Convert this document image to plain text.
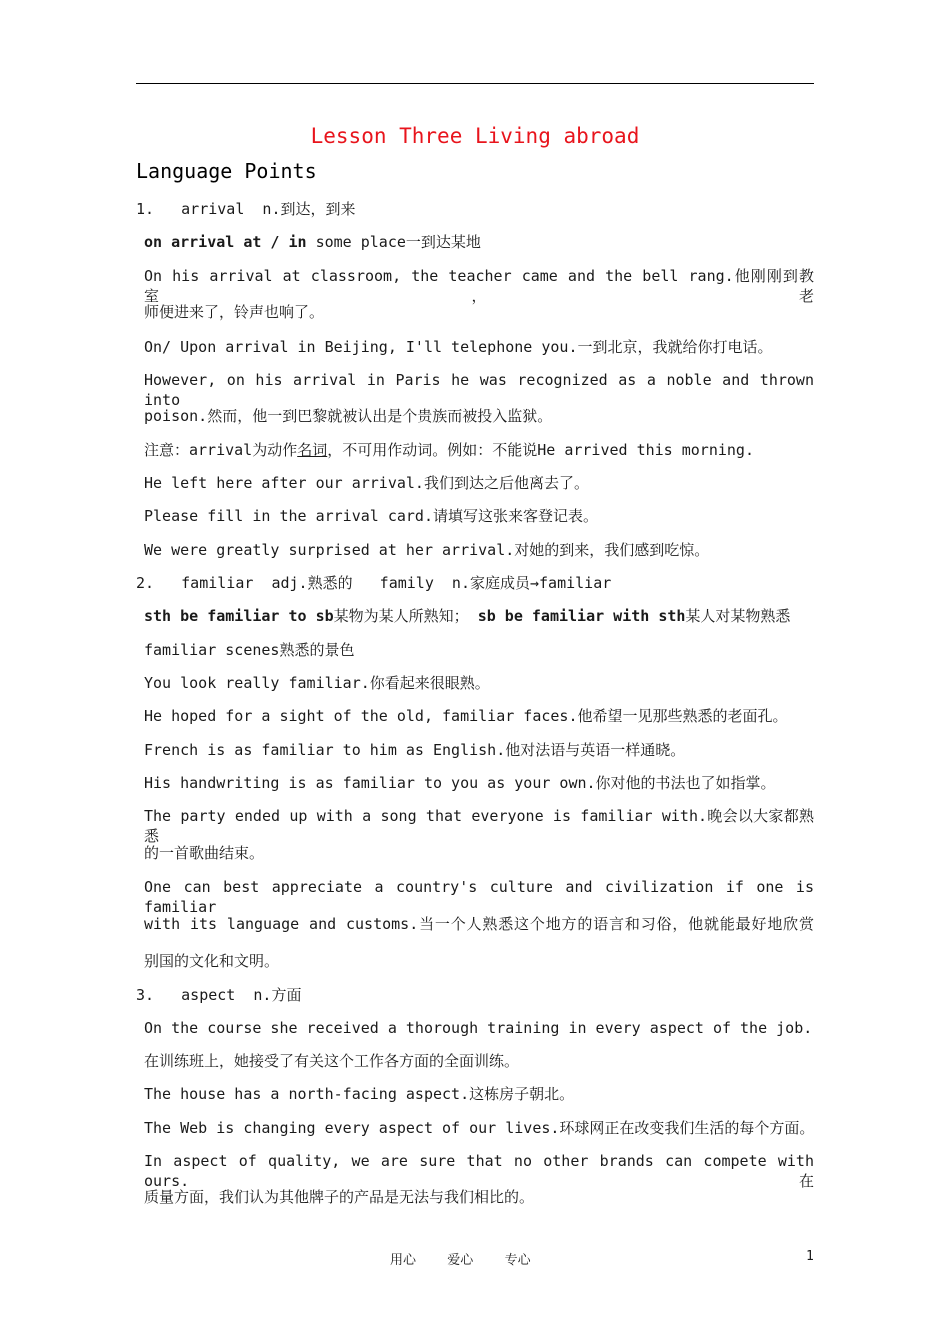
Lesson Three Living abroad
Language Points
1.   arrival  n.到达，到来
on arrival at / in some place一到达某地
On his arrival at classroom, the teacher came and the bell rang.他刚刚到教室，老
师便进来了，铃声也响了。
On/ Upon arrival in Beijing, I'll telephone you.一到北京，我就给你打电话。
However, on his arrival in Paris he was recognized as a noble and thrown into
poison.然而，他一到巴黎就被认出是个贵族而被投入监狱。
注意：arrival为动作名词，不可用作动词。例如：不能说He arrived this morning.
He left here after our arrival.我们到达之后他离去了。
Please fill in the arrival card.请填写这张来客登记表。
We were greatly surprised at her arrival.对她的到来，我们感到吃惊。
2.   familiar  adj.熟悉的   family  n.家庭成员→familiar
sth be familiar to sb某物为某人所熟知； sb be familiar with sth某人对某物熟悉
familiar scenes熟悉的景色
You look really familiar.你看起来很眼熟。
He hoped for a sight of the old, familiar faces.他希望一见那些熟悉的老面孔。
French is as familiar to him as English.他对法语与英语一样通晓。
His handwriting is as familiar to you as your own.你对他的书法也了如指掌。
The party ended up with a song that everyone is familiar with.晚会以大家都熟悉
的一首歌曲结束。
One can best appreciate a country's culture and civilization if one is familiar
with its language and customs.当一个人熟悉这个地方的语言和习俗，他就能最好地欣赏
别国的文化和文明。
3.   aspect  n.方面
On the course she received a thorough training in every aspect of the job.
在训练班上，她接受了有关这个工作各方面的全面训练。
The house has a north-facing aspect.这栋房子朝北。
The Web is changing every aspect of our lives.环球网正在改变我们生活的每个方面。
In aspect of quality, we are sure that no other brands can compete with ours.在
质量方面，我们认为其他牌子的产品是无法与我们相比的。
用心    爱心    专心	1
